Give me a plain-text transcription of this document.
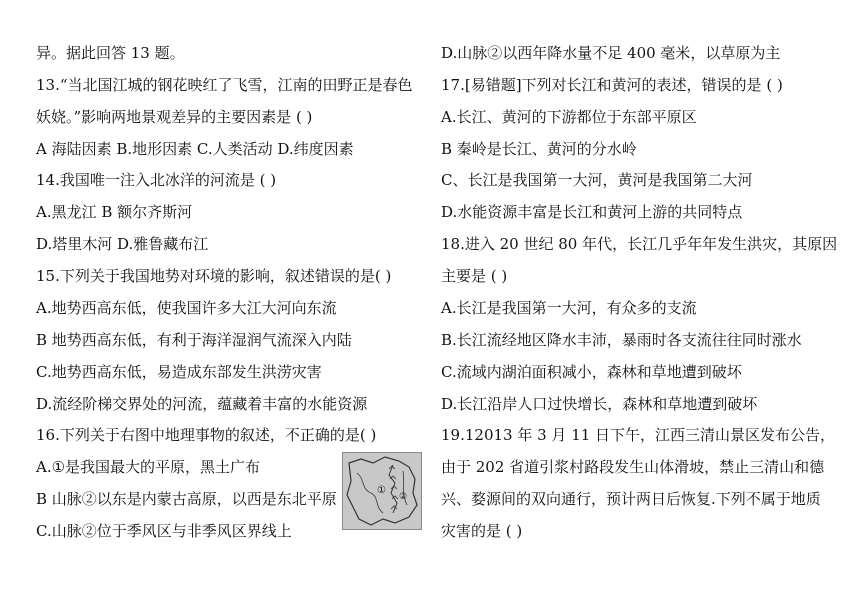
异。据此回答 13 题。
13.“当北国江城的钢花映红了飞雪，江南的田野正是春色
妖娆。”影响两地景观差异的主要因素是 ( )
A 海陆因素 B.地形因素 C.人类活动 D.纬度因素
14.我国唯一注入北冰洋的河流是 ( )
A.黑龙江 B 额尔齐斯河
D.塔里木河 D.雅鲁藏布江
15.下列关于我国地势对环境的影响，叙述错误的是( )
A.地势西高东低，使我国许多大江大河向东流
B 地势西高东低，有利于海洋湿润气流深入内陆
C.地势西高东低，易造成东部发生洪涝灾害
D.流经阶梯交界处的河流，蕴藏着丰富的水能资源
16.下列关于右图中地理事物的叙述，不正确的是( )
A.①是我国最大的平原，黑土广布
B 山脉②以东是内蒙古高原，以西是东北平原
C.山脉②位于季风区与非季风区界线上
D.山脉②以西年降水量不足 400 毫米，以草原为主
17.[易错题]下列对长江和黄河的表述，错误的是 ( )
A.长江、黄河的下游都位于东部平原区
B 秦岭是长江、黄河的分水岭
C、长江是我国第一大河，黄河是我国第二大河
D.水能资源丰富是长江和黄河上游的共同特点
18.进入 20 世纪 80 年代，长江几乎年年发生洪灾，其原因
主要是 ( )
A.长江是我国第一大河，有众多的支流
B.长江流经地区降水丰沛，暴雨时各支流往往同时涨水
C.流域内湖泊面积减小，森林和草地遭到破坏
D.长江沿岸人口过快增长，森林和草地遭到破坏
19.12013 年 3 月 11 日下午，江西三清山景区发布公告，
由于 202 省道引浆村路段发生山体滑坡，禁止三清山和德
兴、婺源间的双向通行，预计两日后恢复.下列不属于地质
灾害的是 ( )
①
②
